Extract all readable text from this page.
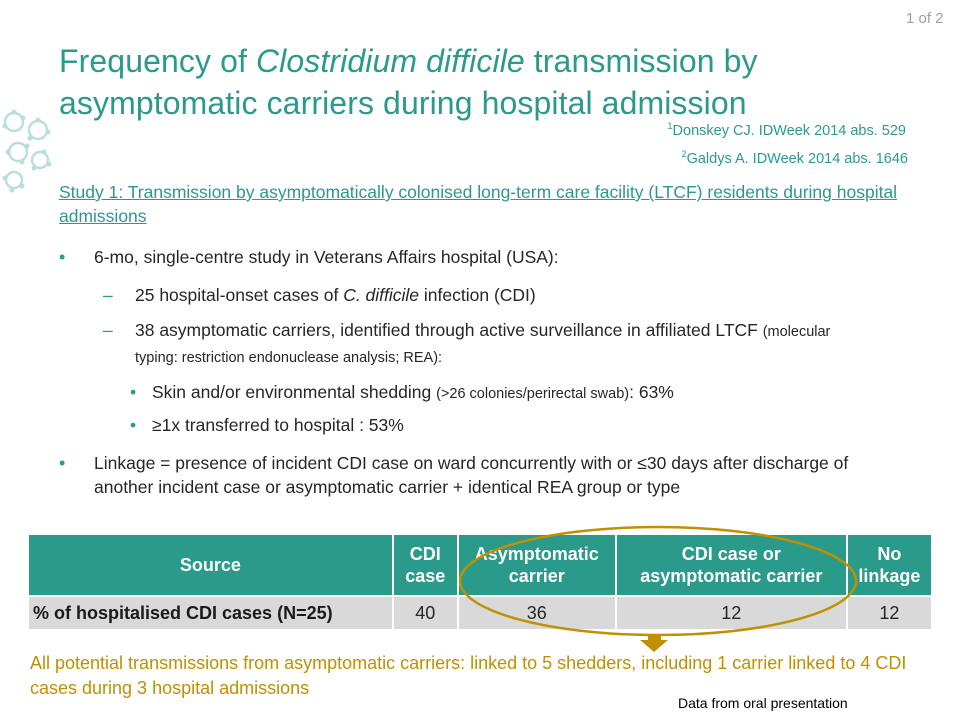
1 of 2
Frequency of Clostridium difficile transmission by asymptomatic carriers during hospital admission
$^1$Donskey CJ. IDWeek 2014 abs. 529
$^2$Galdys A. IDWeek 2014 abs. 1646
Study 1: Transmission by asymptomatically colonised long-term care facility (LTCF) residents during hospital admissions
• 6-mo, single-centre study in Veterans Affairs hospital (USA):
– 25 hospital-onset cases of C. difficile infection (CDI)
– 38 asymptomatic carriers, identified through active surveillance in affiliated LTCF (molecular typing: restriction endonuclease analysis; REA):
• Skin and/or environmental shedding (>26 colonies/perirectal swab): 63%
• ≥1x transferred to hospital : 53%
• Linkage = presence of incident CDI case on ward concurrently with or ≤30 days after discharge of another incident case or asymptomatic carrier + identical REA group or type
Source	CDI case	Asymptomatic carrier	CDI case or asymptomatic carrier	No linkage
% of hospitalised CDI cases (N=25)	40	36	12	12
All potential transmissions from asymptomatic carriers: linked to 5 shedders, including 1 carrier linked to 4 CDI cases during 3 hospital admissions
Data from oral presentation
